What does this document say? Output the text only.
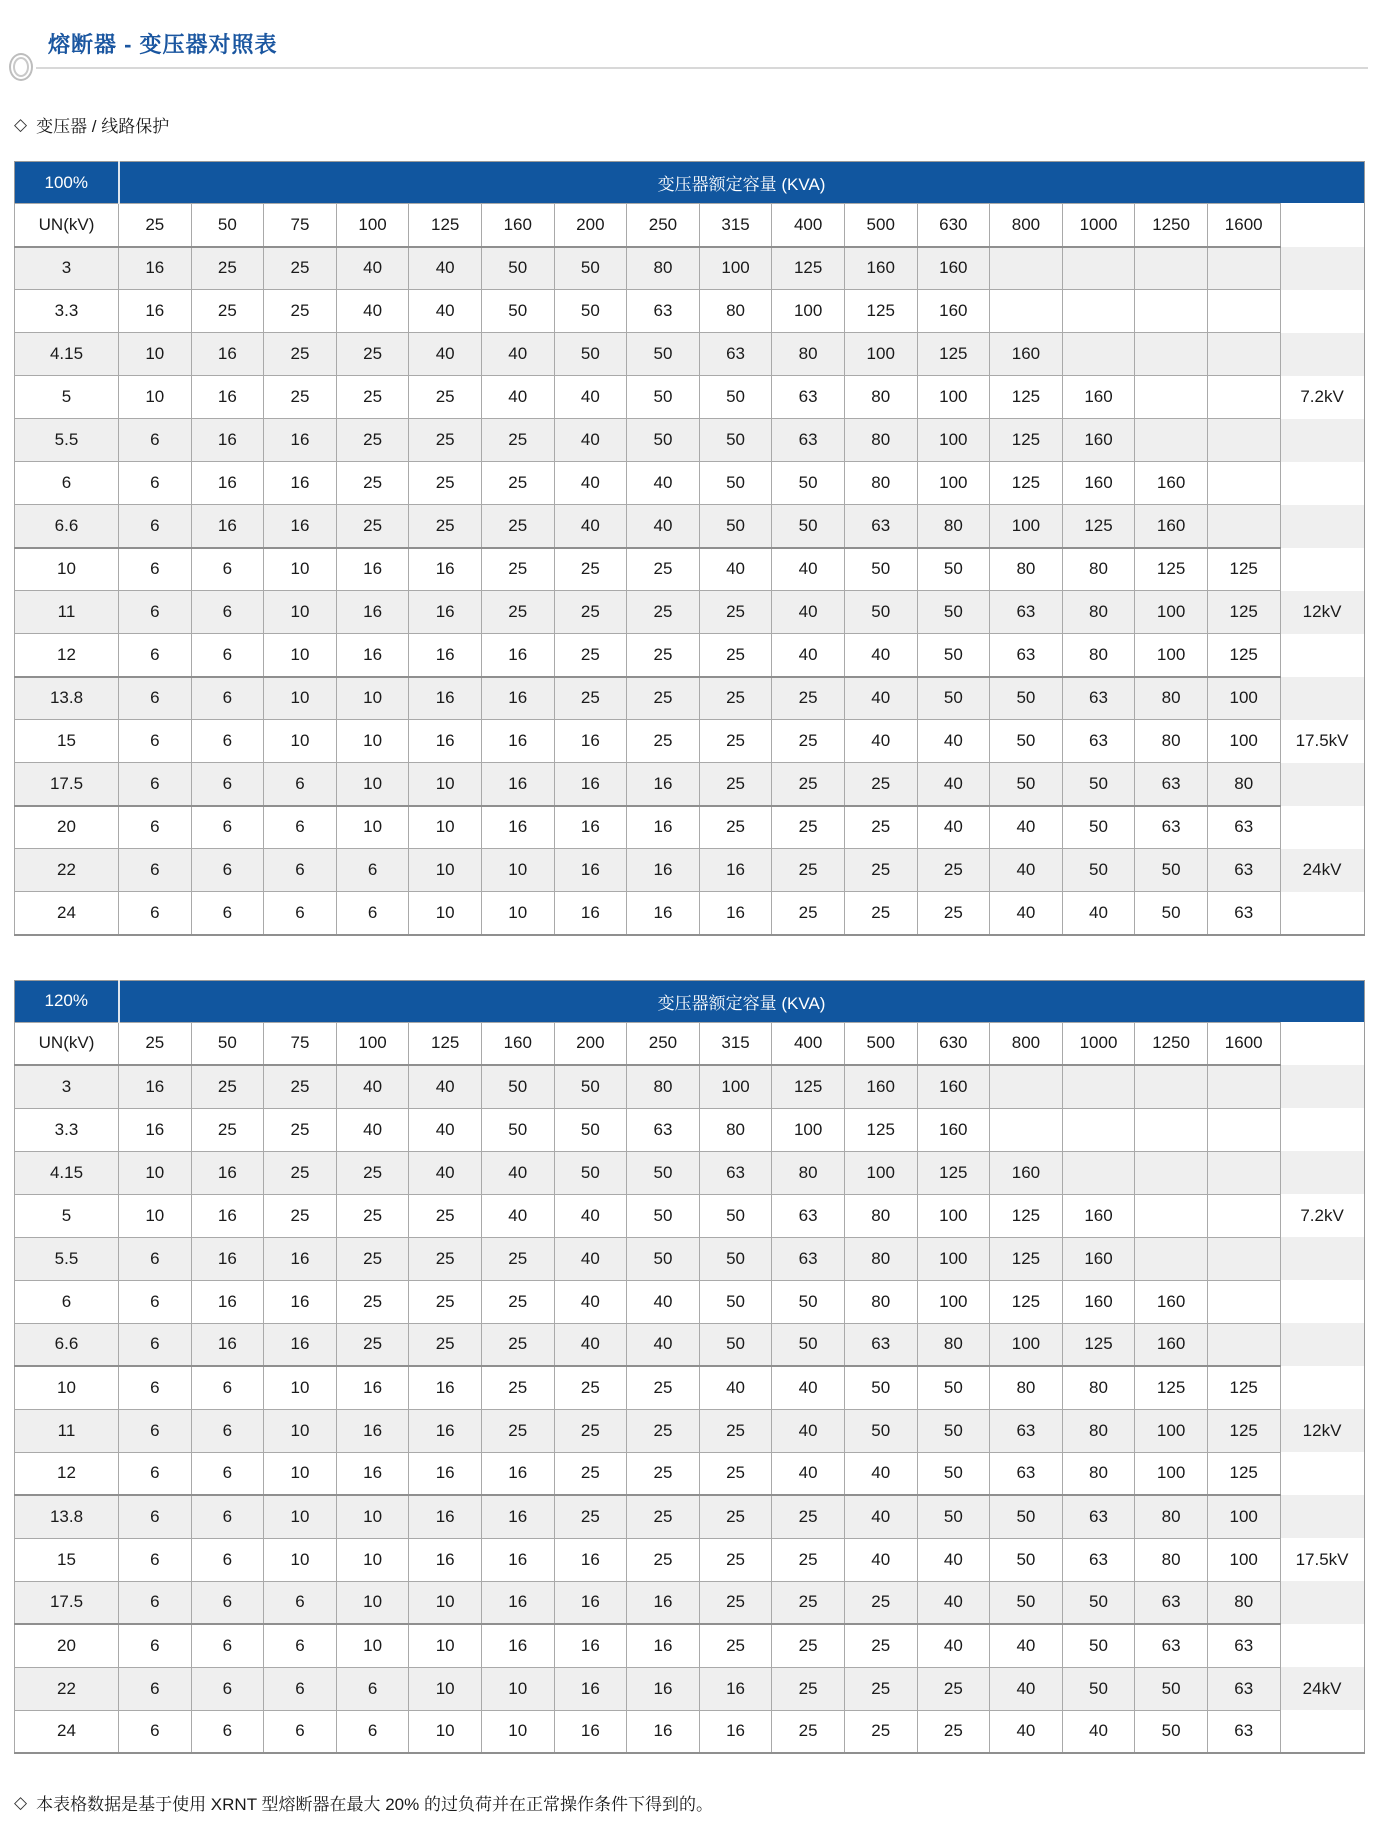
熔断器 - 变压器对照表
◇ 变压器 / 线路保护
100%	变压器额定容量 (KVA)																
UN(kV)	25	50	75	100	125	160	200	250	315	400	500	630	800	1000	1250	1600	
3	16	25	25	40	40	50	50	80	100	125	160	160					
3.3	16	25	25	40	40	50	50	63	80	100	125	160					
4.15	10	16	25	25	40	40	50	50	63	80	100	125	160				
5	10	16	25	25	25	40	40	50	50	63	80	100	125	160			7.2kV
5.5	6	16	16	25	25	25	40	50	50	63	80	100	125	160			
6	6	16	16	25	25	25	40	40	50	50	80	100	125	160	160		
6.6	6	16	16	25	25	25	40	40	50	50	63	80	100	125	160		
10	6	6	10	16	16	25	25	25	40	40	50	50	80	80	125	125	
11	6	6	10	16	16	25	25	25	25	40	50	50	63	80	100	125	12kV
12	6	6	10	16	16	16	25	25	25	40	40	50	63	80	100	125	
13.8	6	6	10	10	16	16	25	25	25	25	40	50	50	63	80	100	
15	6	6	10	10	16	16	16	25	25	25	40	40	50	63	80	100	17.5kV
17.5	6	6	6	10	10	16	16	16	25	25	25	40	50	50	63	80	
20	6	6	6	10	10	16	16	16	25	25	25	40	40	50	63	63	
22	6	6	6	6	10	10	16	16	16	25	25	25	40	50	50	63	24kV
24	6	6	6	6	10	10	16	16	16	25	25	25	40	40	50	63	
120%	变压器额定容量 (KVA)																
UN(kV)	25	50	75	100	125	160	200	250	315	400	500	630	800	1000	1250	1600	
3	16	25	25	40	40	50	50	80	100	125	160	160					
3.3	16	25	25	40	40	50	50	63	80	100	125	160					
4.15	10	16	25	25	40	40	50	50	63	80	100	125	160				
5	10	16	25	25	25	40	40	50	50	63	80	100	125	160			7.2kV
5.5	6	16	16	25	25	25	40	50	50	63	80	100	125	160			
6	6	16	16	25	25	25	40	40	50	50	80	100	125	160	160		
6.6	6	16	16	25	25	25	40	40	50	50	63	80	100	125	160		
10	6	6	10	16	16	25	25	25	40	40	50	50	80	80	125	125	
11	6	6	10	16	16	25	25	25	25	40	50	50	63	80	100	125	12kV
12	6	6	10	16	16	16	25	25	25	40	40	50	63	80	100	125	
13.8	6	6	10	10	16	16	25	25	25	25	40	50	50	63	80	100	
15	6	6	10	10	16	16	16	25	25	25	40	40	50	63	80	100	17.5kV
17.5	6	6	6	10	10	16	16	16	25	25	25	40	50	50	63	80	
20	6	6	6	10	10	16	16	16	25	25	25	40	40	50	63	63	
22	6	6	6	6	10	10	16	16	16	25	25	25	40	50	50	63	24kV
24	6	6	6	6	10	10	16	16	16	25	25	25	40	40	50	63	
◇ 本表格数据是基于使用 XRNT 型熔断器在最大 20% 的过负荷并在正常操作条件下得到的。
